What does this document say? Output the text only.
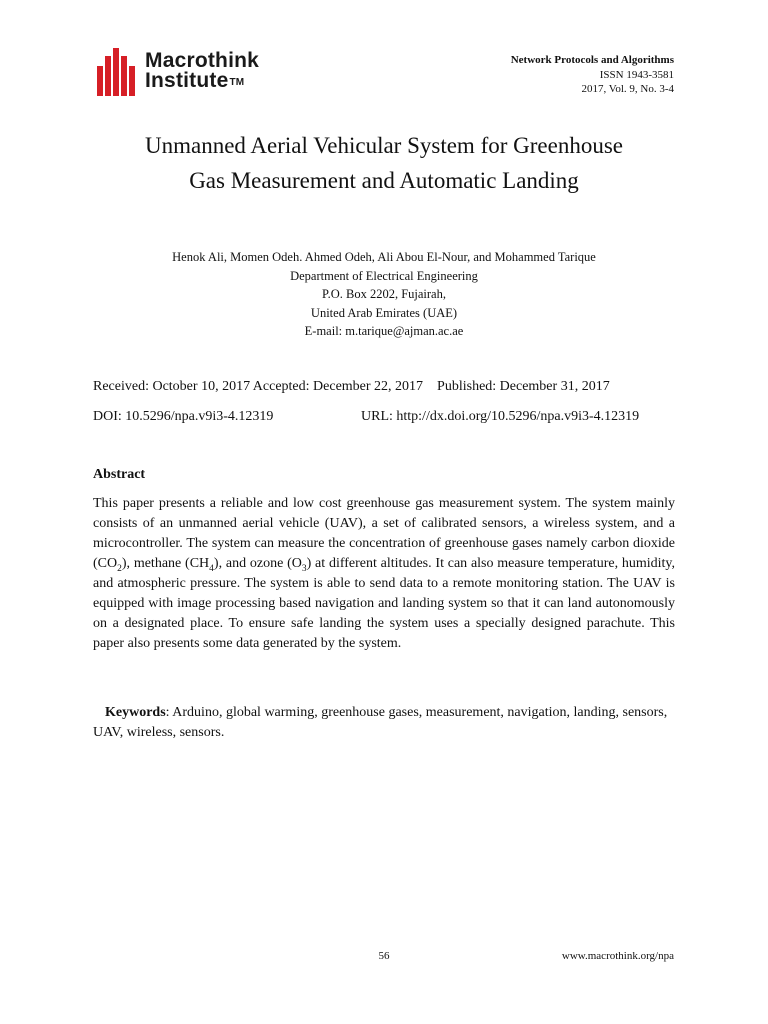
Macrothink
Institute™
Network Protocols and Algorithms
ISSN 1943-3581
2017, Vol. 9, No. 3-4
Unmanned Aerial Vehicular System for Greenhouse
Gas Measurement and Automatic Landing
Henok Ali, Momen Odeh. Ahmed Odeh, Ali Abou El-Nour, and Mohammed Tarique
Department of Electrical Engineering
P.O. Box 2202, Fujairah,
United Arab Emirates (UAE)
E-mail: m.tarique@ajman.ac.ae
Received: October 10, 2017 Accepted: December 22, 2017    Published: December 31, 2017
DOI: 10.5296/npa.v9i3-4.12319	URL: http://dx.doi.org/10.5296/npa.v9i3-4.12319
Abstract
This paper presents a reliable and low cost greenhouse gas measurement system. The system mainly consists of an unmanned aerial vehicle (UAV), a set of calibrated sensors, a wireless system, and a microcontroller. The system can measure the concentration of greenhouse gases namely carbon dioxide $(CO_2)$, methane $(CH_4)$, and ozone $(O_3)$ at different altitudes. It can also measure temperature, humidity, and atmospheric pressure. The system is able to send data to a remote monitoring station. The UAV is equipped with image processing based navigation and landing system so that it can land autonomously on a designated place. To ensure safe landing the system uses a specially designed parachute. This paper also presents some data generated by the system.
Keywords: Arduino, global warming, greenhouse gases, measurement, navigation, landing, sensors, UAV, wireless, sensors.
56	www.macrothink.org/npa
